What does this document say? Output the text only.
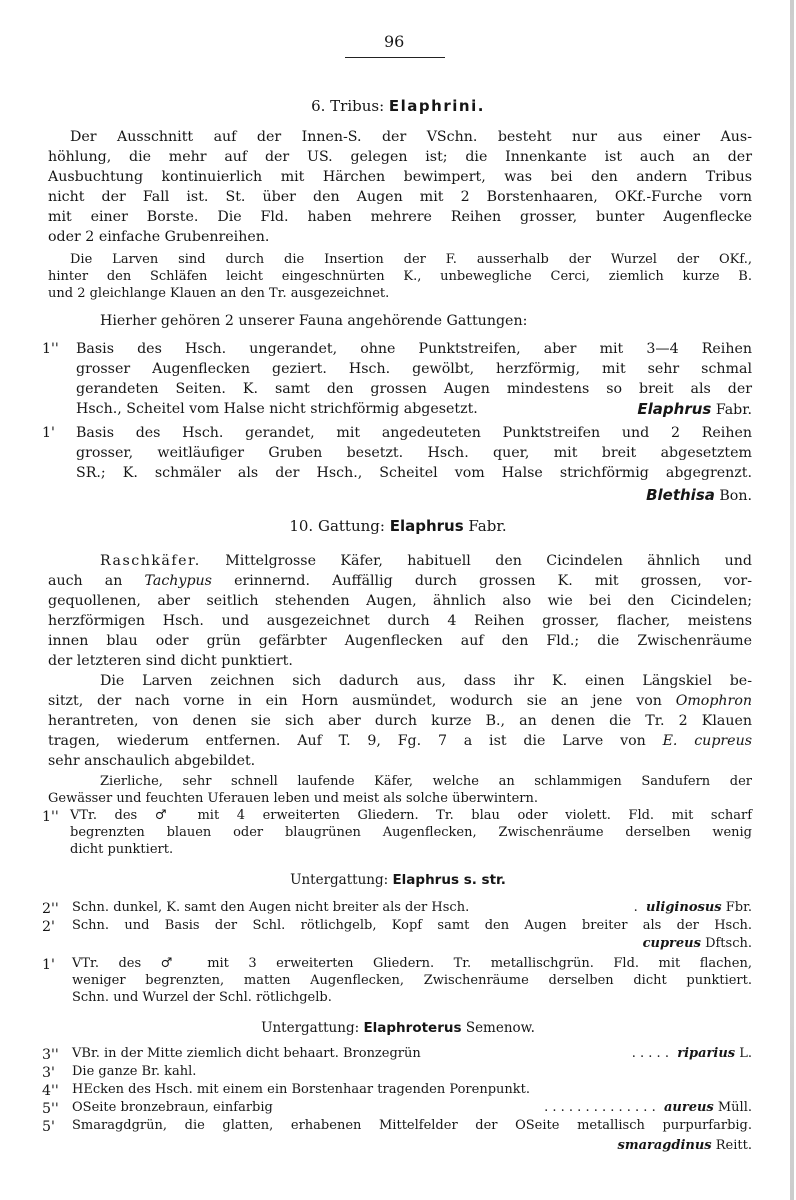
96
6. Tribus: Elaphrini.
Der Ausschnitt auf der Innen-S. der VSchn. besteht nur aus einer Aus-
höhlung, die mehr auf der US. gelegen ist; die Innenkante ist auch an der
Ausbuchtung kontinuierlich mit Härchen bewimpert, was bei den andern Tribus
nicht der Fall ist. St. über den Augen mit 2 Borstenhaaren, OKf.-Furche vorn
mit einer Borste. Die Fld. haben mehrere Reihen grosser, bunter Augenflecke
oder 2 einfache Grubenreihen.
Die Larven sind durch die Insertion der F. ausserhalb der Wurzel der OKf.,
hinter den Schläfen leicht eingeschnürten K., unbewegliche Cerci, ziemlich kurze B.
und 2 gleichlange Klauen an den Tr. ausgezeichnet.
Hierher gehören 2 unserer Fauna angehörende Gattungen:
1'' Basis des Hsch. ungerandet, ohne Punktstreifen, aber mit 3—4 Reihen
grosser Augenflecken geziert. Hsch. gewölbt, herzförmig, mit sehr schmal
gerandeten Seiten. K. samt den grossen Augen mindestens so breit als der
Hsch., Scheitel vom Halse nicht strichförmig abgesetzt.	Elaphrus Fabr.
1' Basis des Hsch. gerandet, mit angedeuteten Punktstreifen und 2 Reihen
grosser, weitläufiger Gruben besetzt. Hsch. quer, mit breit abgesetztem
SR.; K. schmäler als der Hsch., Scheitel vom Halse strichförmig abgegrenzt.
Blethisa Bon.
10. Gattung: Elaphrus Fabr.
Raschkäfer. Mittelgrosse Käfer, habituell den Cicindelen ähnlich und
auch an Tachypus erinnernd. Auffällig durch grossen K. mit grossen, vor-
gequollenen, aber seitlich stehenden Augen, ähnlich also wie bei den Cicindelen;
herzförmigen Hsch. und ausgezeichnet durch 4 Reihen grosser, flacher, meistens
innen blau oder grün gefärbter Augenflecken auf den Fld.; die Zwischenräume
der letzteren sind dicht punktiert.
Die Larven zeichnen sich dadurch aus, dass ihr K. einen Längskiel be-
sitzt, der nach vorne in ein Horn ausmündet, wodurch sie an jene von Omophron
herantreten, von denen sie sich aber durch kurze B., an denen die Tr. 2 Klauen
tragen, wiederum entfernen. Auf T. 9, Fg. 7 a ist die Larve von E. cupreus
sehr anschaulich abgebildet.
Zierliche, sehr schnell laufende Käfer, welche an schlammigen Sandufern der
Gewässer und feuchten Uferauen leben und meist als solche überwintern.
1'' VTr. des ♂ mit 4 erweiterten Gliedern. Tr. blau oder violett. Fld. mit scharf
begrenzten blauen oder blaugrünen Augenflecken, Zwischenräume derselben wenig
dicht punktiert.
Untergattung: Elaphrus s. str.
2'' Schn. dunkel, K. samt den Augen nicht breiter als der Hsch.	. uliginosus Fbr.
2' Schn. und Basis der Schl. rötlichgelb, Kopf samt den Augen breiter als der Hsch.
cupreus Dftsch.
1' VTr. des ♂ mit 3 erweiterten Gliedern. Tr. metallischgrün. Fld. mit flachen,
weniger begrenzten, matten Augenflecken, Zwischenräume derselben dicht punktiert.
Schn. und Wurzel der Schl. rötlichgelb.
Untergattung: Elaphroterus Semenow.
3'' VBr. in der Mitte ziemlich dicht behaart. Bronzegrün	. . . . . riparius L.
3' Die ganze Br. kahl.
4'' HEcken des Hsch. mit einem ein Borstenhaar tragenden Porenpunkt.
5'' OSeite bronzebraun, einfarbig	. . . . . . . . . . . . . . aureus Müll.
5' Smaragdgrün, die glatten, erhabenen Mittelfelder der OSeite metallisch purpurfarbig.
smaragdinus Reitt.
